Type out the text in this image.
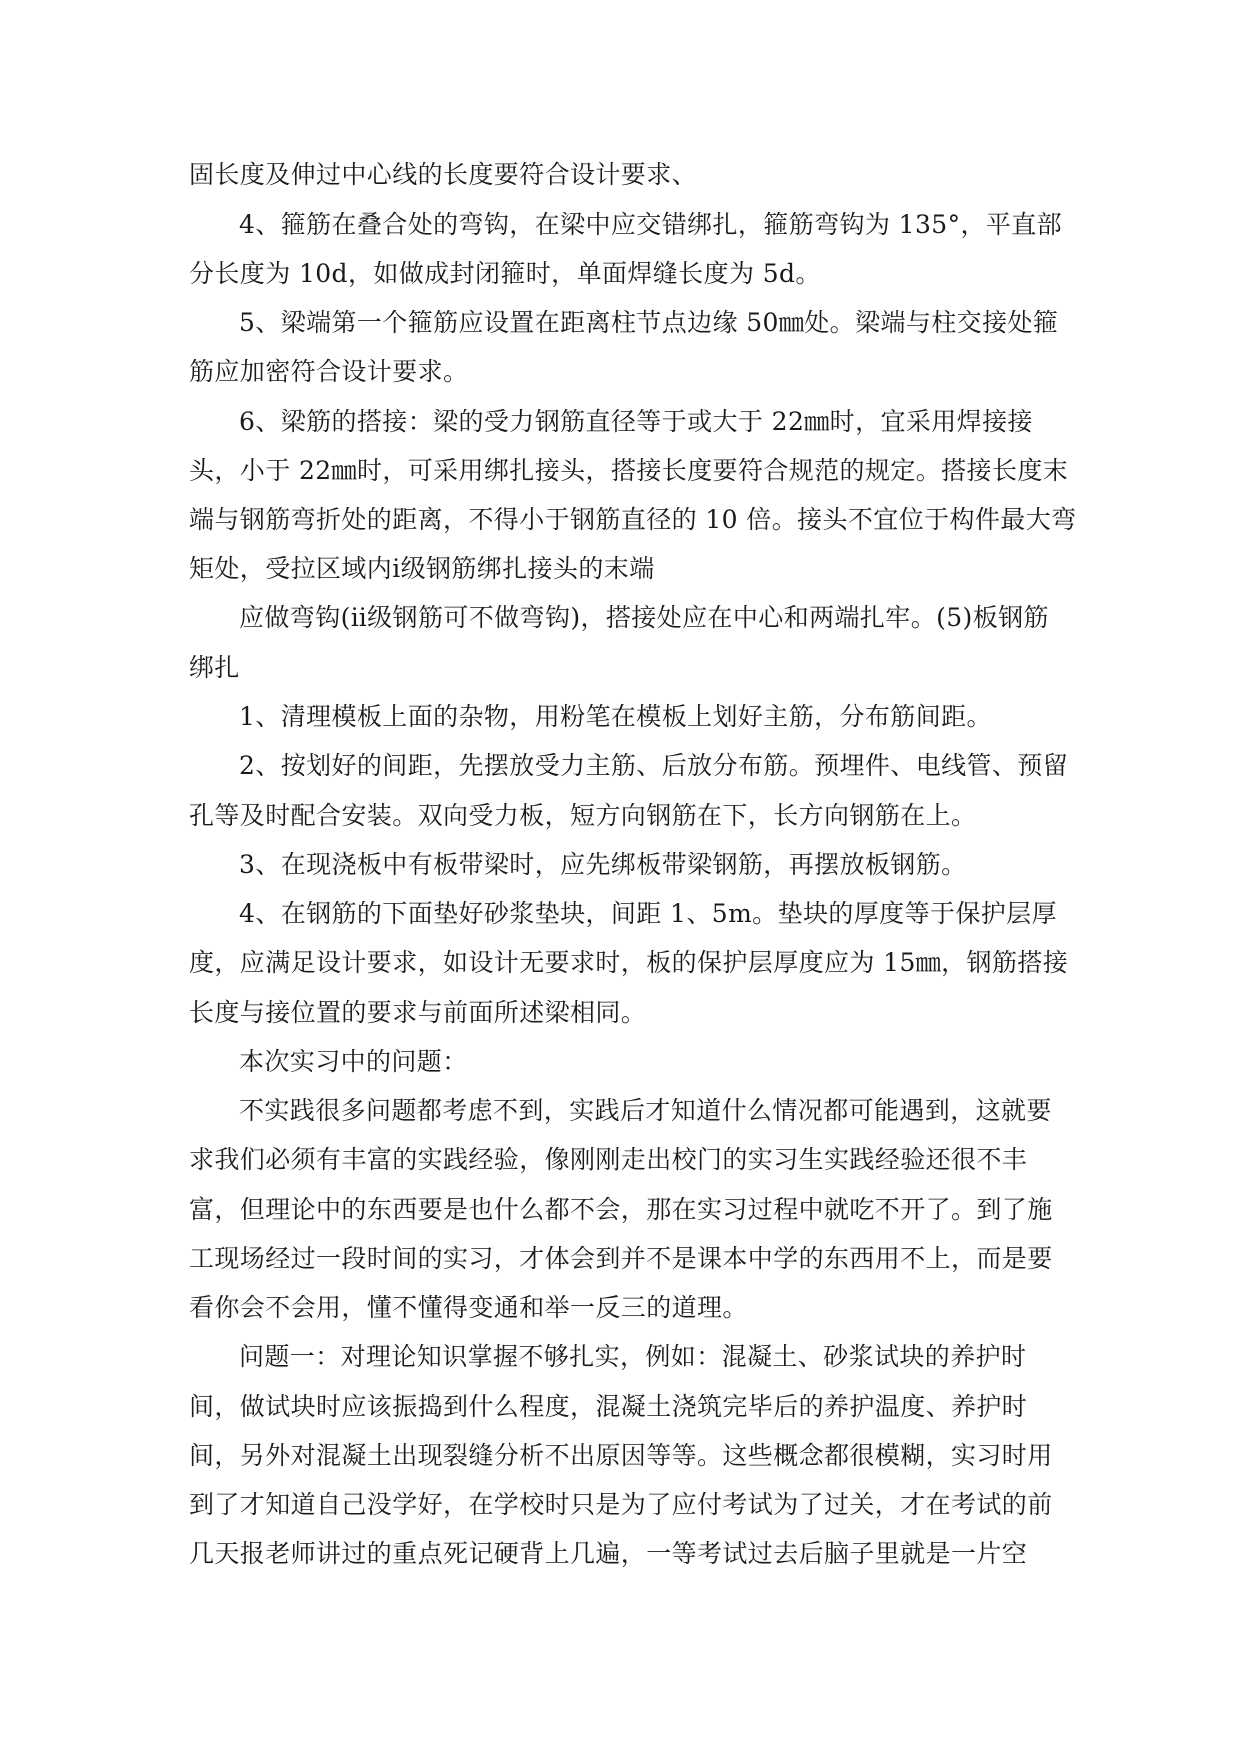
固长度及伸过中心线的长度要符合设计要求、
4、箍筋在叠合处的弯钩，在梁中应交错绑扎，箍筋弯钩为 135°，平直部
分长度为 10d，如做成封闭箍时，单面焊缝长度为 5d。
5、梁端第一个箍筋应设置在距离柱节点边缘 50㎜处。梁端与柱交接处箍
筋应加密符合设计要求。
6、梁筋的搭接：梁的受力钢筋直径等于或大于 22㎜时，宜采用焊接接
头，小于 22㎜时，可采用绑扎接头，搭接长度要符合规范的规定。搭接长度末
端与钢筋弯折处的距离，不得小于钢筋直径的 10 倍。接头不宜位于构件最大弯
矩处，受拉区域内ⅰ级钢筋绑扎接头的末端
应做弯钩(ⅱ级钢筋可不做弯钩)，搭接处应在中心和两端扎牢。(5)板钢筋
绑扎
1、清理模板上面的杂物，用粉笔在模板上划好主筋，分布筋间距。
2、按划好的间距，先摆放受力主筋、后放分布筋。预埋件、电线管、预留
孔等及时配合安装。双向受力板，短方向钢筋在下，长方向钢筋在上。
3、在现浇板中有板带梁时，应先绑板带梁钢筋，再摆放板钢筋。
4、在钢筋的下面垫好砂浆垫块，间距 1、5m。垫块的厚度等于保护层厚
度，应满足设计要求，如设计无要求时，板的保护层厚度应为 15㎜，钢筋搭接
长度与接位置的要求与前面所述梁相同。
本次实习中的问题：
不实践很多问题都考虑不到，实践后才知道什么情况都可能遇到，这就要
求我们必须有丰富的实践经验，像刚刚走出校门的实习生实践经验还很不丰
富，但理论中的东西要是也什么都不会，那在实习过程中就吃不开了。到了施
工现场经过一段时间的实习，才体会到并不是课本中学的东西用不上，而是要
看你会不会用，懂不懂得变通和举一反三的道理。
问题一：对理论知识掌握不够扎实，例如：混凝土、砂浆试块的养护时
间，做试块时应该振捣到什么程度，混凝土浇筑完毕后的养护温度、养护时
间，另外对混凝土出现裂缝分析不出原因等等。这些概念都很模糊，实习时用
到了才知道自己没学好，在学校时只是为了应付考试为了过关，才在考试的前
几天报老师讲过的重点死记硬背上几遍，一等考试过去后脑子里就是一片空
